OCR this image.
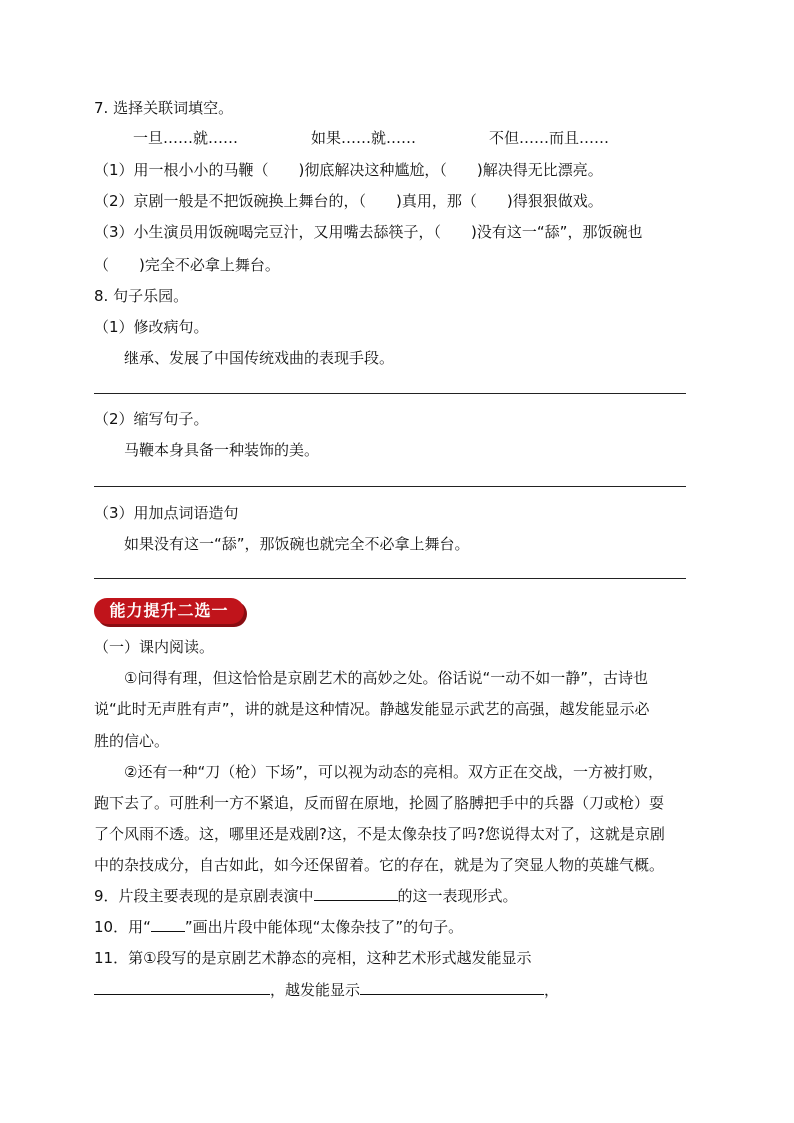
7. 选择关联词填空。
一旦……就……	如果……就……	不但……而且……
（1）用一根小小的马鞭（　　)彻底解决这种尴尬，（　　)解决得无比漂亮。
（2）京剧一般是不把饭碗换上舞台的，（　　)真用，那（　　)得狠狠做戏。
（3）小生演员用饭碗喝完豆汁，又用嘴去舔筷子，（　　)没有这一“舔”，那饭碗也
（　　)完全不必拿上舞台。
8. 句子乐园。
（1）修改病句。
继承、发展了中国传统戏曲的表现手段。
（2）缩写句子。
马鞭本身具备一种装饰的美。
（3）用加点词语造句
如果没有这一“舔”，那饭碗也就完全不必拿上舞台。
能力提升二选一
（一）课内阅读。
①问得有理，但这恰恰是京剧艺术的高妙之处。俗话说“一动不如一静”，古诗也
说“此时无声胜有声”，讲的就是这种情况。静越发能显示武艺的高强，越发能显示必
胜的信心。
②还有一种“刀（枪）下场”，可以视为动态的亮相。双方正在交战，一方被打败，
跑下去了。可胜利一方不紧追，反而留在原地，抡圆了胳膊把手中的兵器（刀或枪）耍
了个风雨不透。这，哪里还是戏剧?这，不是太像杂技了吗?您说得太对了，这就是京剧
中的杂技成分，自古如此，如今还保留着。它的存在，就是为了突显人物的英雄气概。
9．片段主要表现的是京剧表演中	的这一表现形式。
10．用“ ”画出片段中能体现“太像杂技了”的句子。
11．第①段写的是京剧艺术静态的亮相，这种艺术形式越发能显示
，越发能显示	，
